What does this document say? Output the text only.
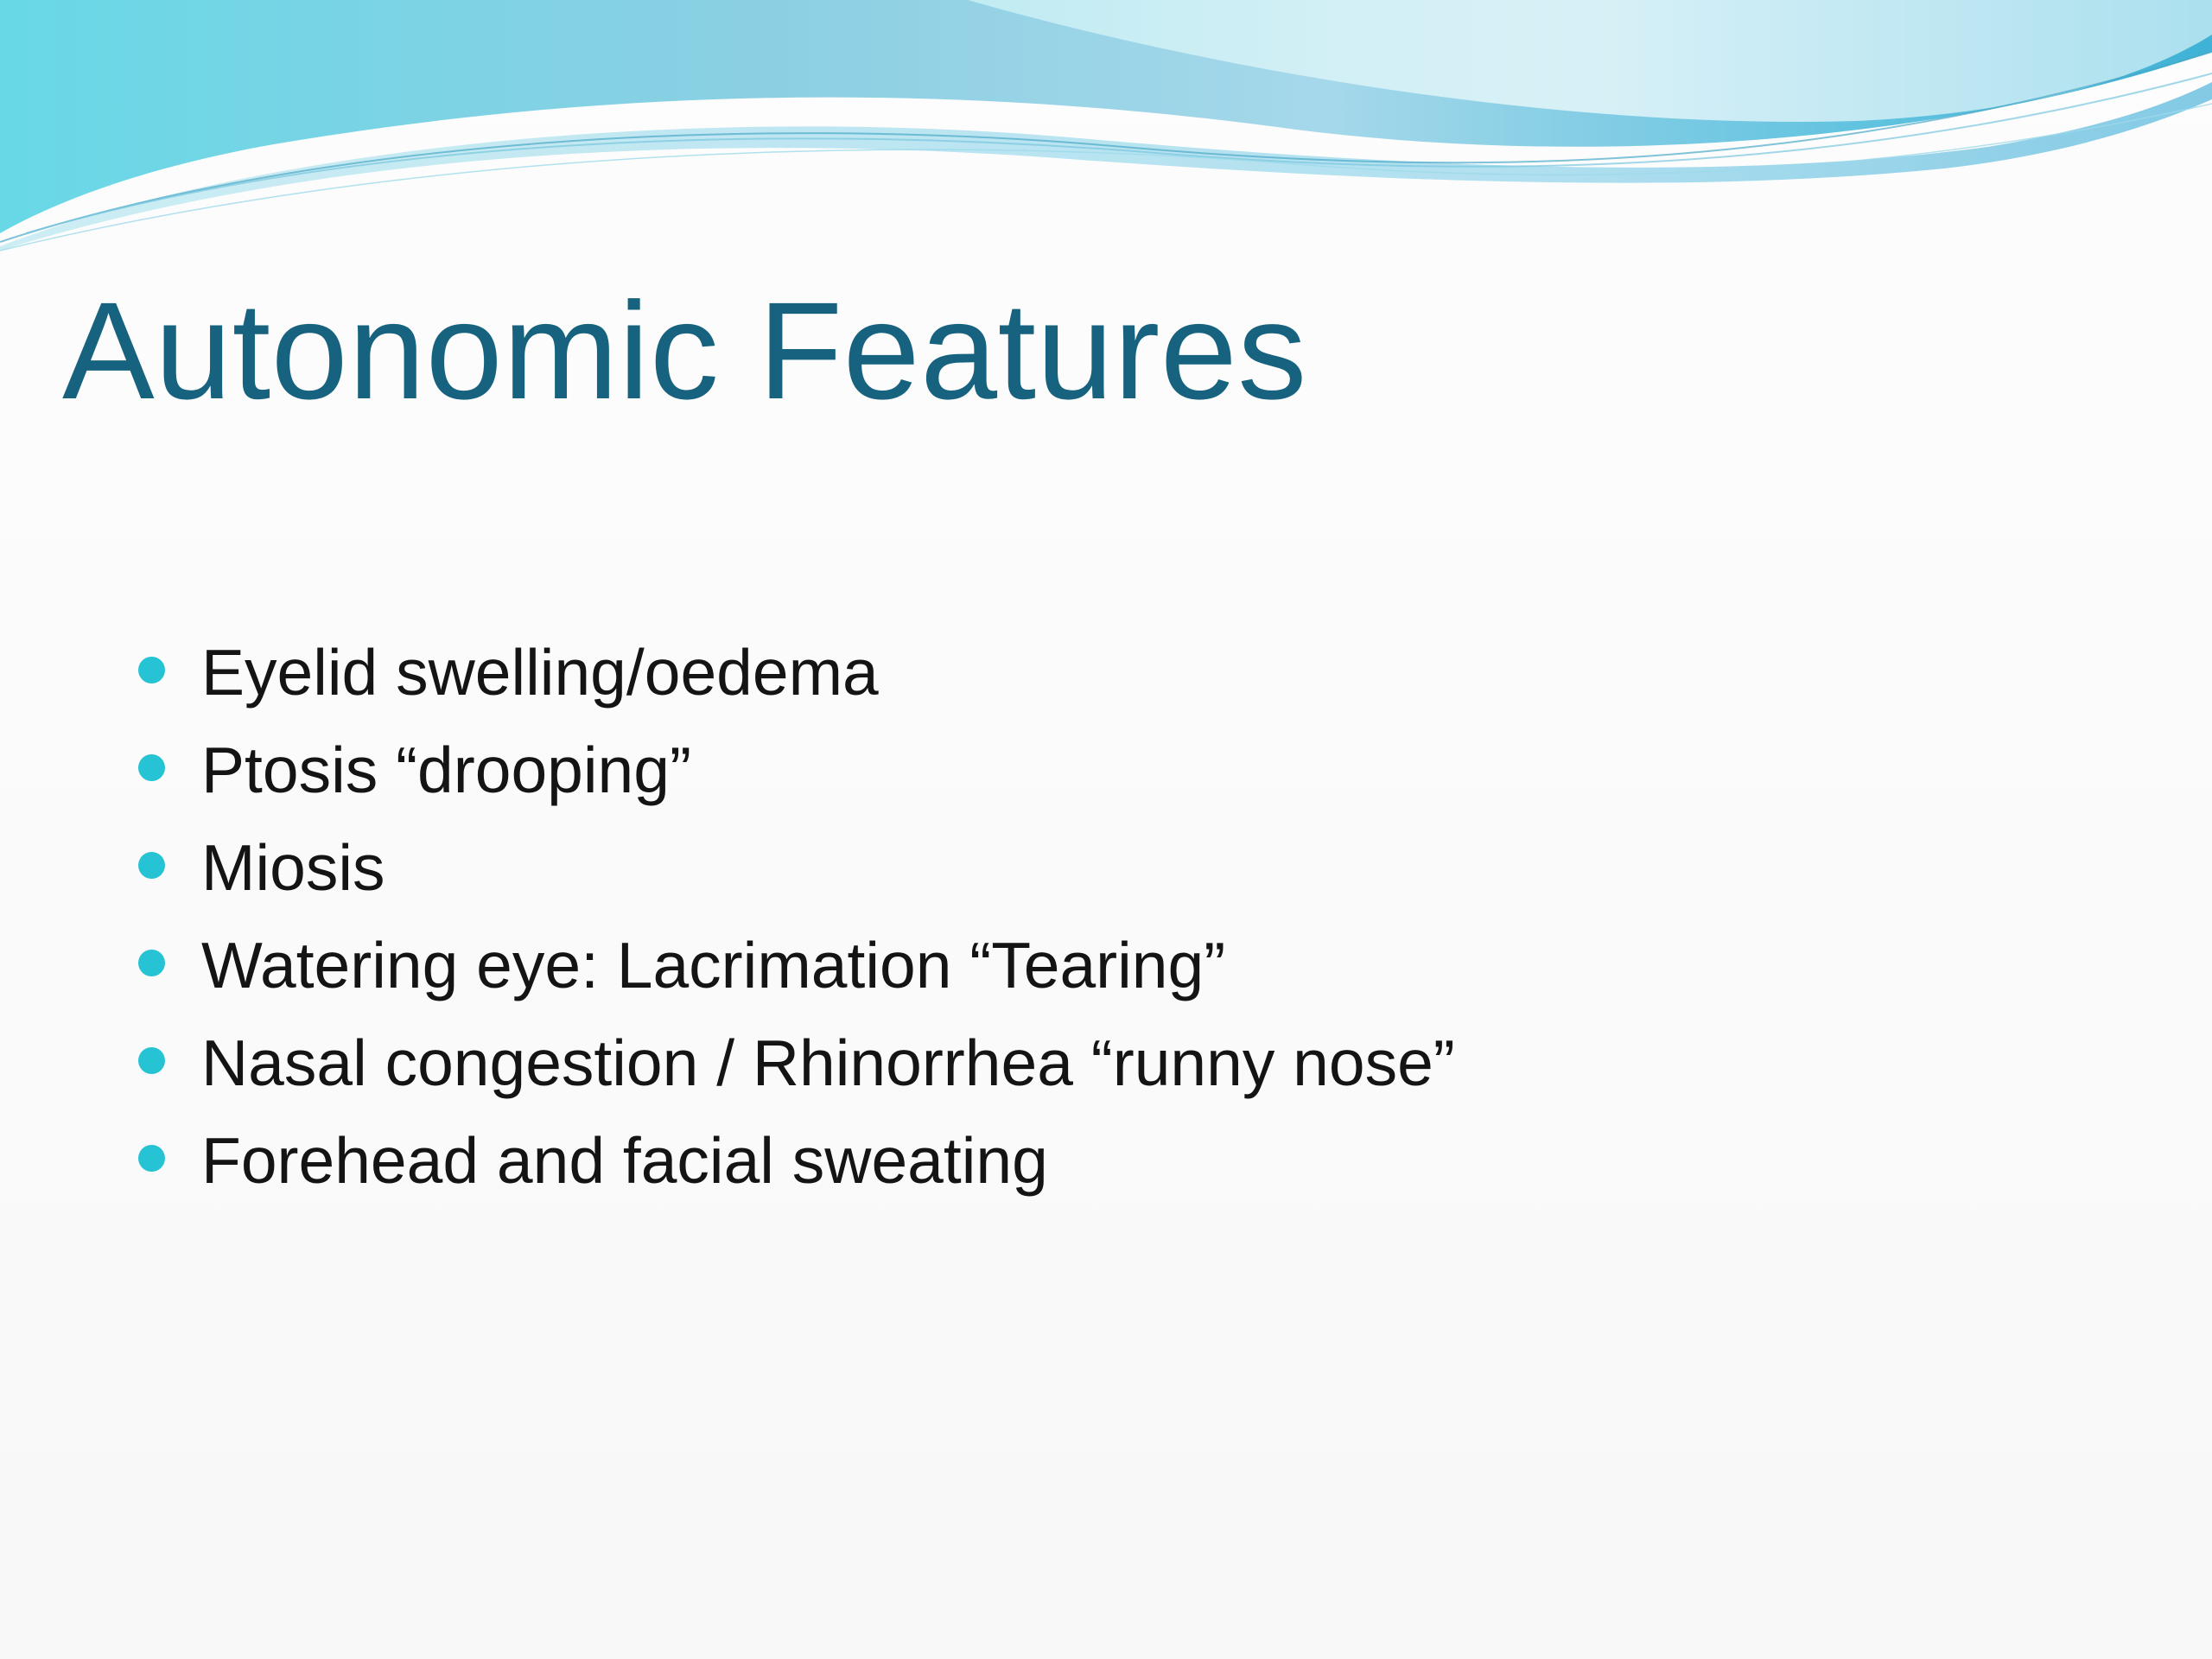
Autonomic Features
Eyelid swelling/oedema
Ptosis “drooping”
Miosis
Watering eye: Lacrimation “Tearing”
Nasal congestion / Rhinorrhea “runny nose”
Forehead and facial sweating
